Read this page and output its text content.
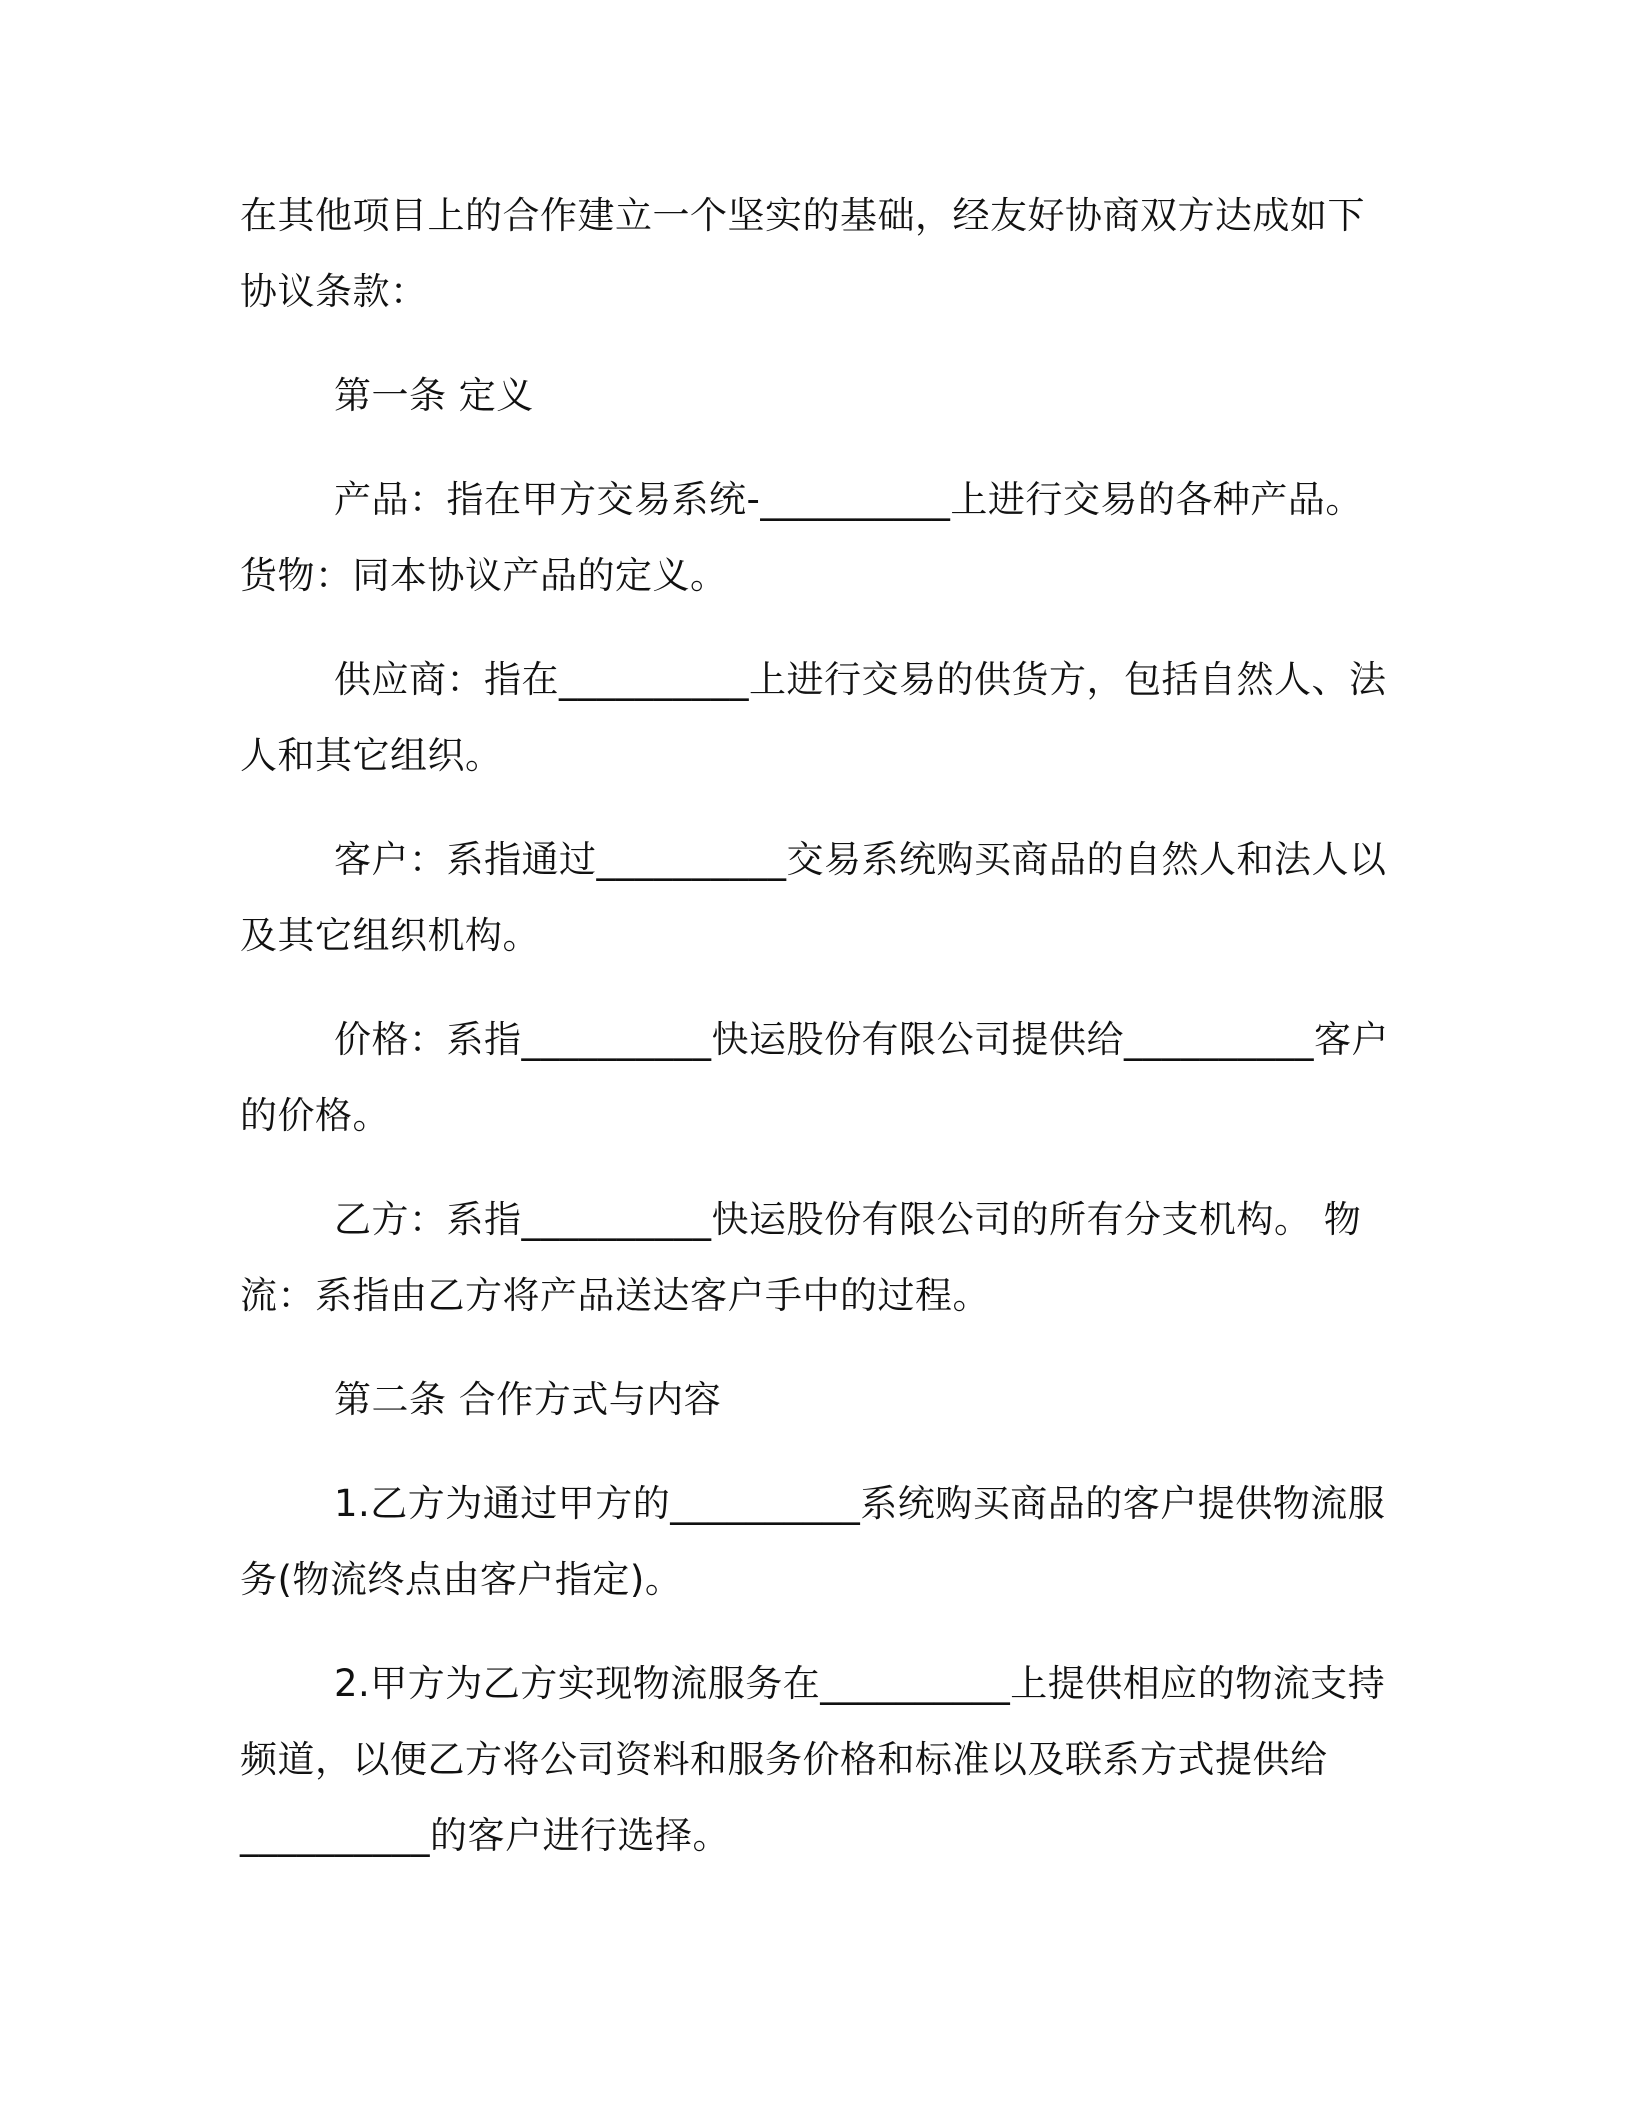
在其他项目上的合作建立一个坚实的基础，经友好协商双方达成如下
协议条款：
第一条 定义
产品：指在甲方交易系统-__________上进行交易的各种产品。
货物：同本协议产品的定义。
供应商：指在__________上进行交易的供货方，包括自然人、法
人和其它组织。
客户：系指通过__________交易系统购买商品的自然人和法人以
及其它组织机构。
价格：系指__________快运股份有限公司提供给__________客户
的价格。
乙方：系指__________快运股份有限公司的所有分支机构。 物
流：系指由乙方将产品送达客户手中的过程。
第二条 合作方式与内容
1.乙方为通过甲方的__________系统购买商品的客户提供物流服
务(物流终点由客户指定)。
2.甲方为乙方实现物流服务在__________上提供相应的物流支持
频道，以便乙方将公司资料和服务价格和标准以及联系方式提供给
__________的客户进行选择。
